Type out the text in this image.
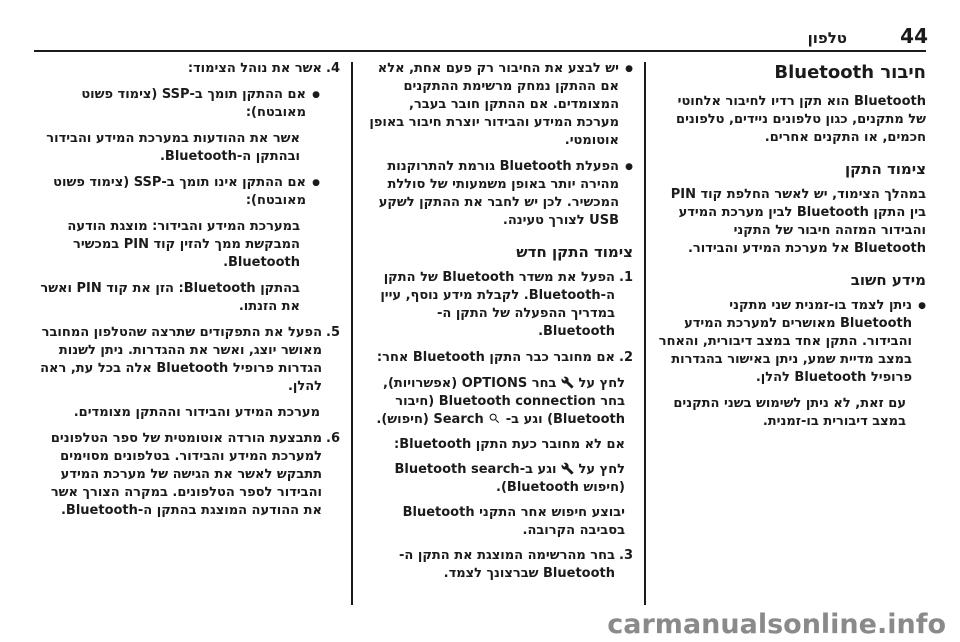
44
טלפון
חיבור Bluetooth
Bluetooth הוא תקן רדיו לחיבור אלחוטי של מתקנים, כגון טלפונים ניידים, טלפונים חכמים, או התקנים אחרים.
צימוד התקן
במהלך הצימוד, יש לאשר החלפת קוד PIN בין התקן Bluetooth לבין מערכת המידע והבידור המזהה חיבור של התקני Bluetooth אל מערכת המידע והבידור.
מידע חשוב
●
ניתן לצמד בו-זמנית שני מתקני Bluetooth מאושרים למערכת המידע והבידור. התקן אחד במצב דיבורית, והאחר במצב מדיית שמע, ניתן באישור בהגדרות פרופיל Bluetooth להלן.
עם זאת, לא ניתן לשימוש בשני התקנים במצב דיבורית בו-זמנית.
●
יש לבצע את החיבור רק פעם אחת, אלא אם ההתקן נמחק מרשימת ההתקנים המצומדים. אם ההתקן חובר בעבר, מערכת המידע והבידור יוצרת חיבור באופן אוטומטי.
●
הפעלת Bluetooth גורמת להתרוקנות מהירה יותר באופן משמעותי של סוללת המכשיר. לכן יש לחבר את ההתקן לשקע USB לצורך טעינה.
צימוד התקן חדש
1.
הפעל את משדר Bluetooth של התקן ה-Bluetooth. לקבלת מידע נוסף, עיין במדריך ההפעלה של התקן ה-Bluetooth.
2.
אם מחובר כבר התקן Bluetooth אחר:
לחץ על
בחר OPTIONS (אפשרויות), בחר Bluetooth connection (חיבור Bluetooth) וגע ב-
Search (חיפוש).
אם לא מחובר כעת התקן Bluetooth:
לחץ על
וגע ב-Bluetooth search (חיפוש Bluetooth).
יבוצע חיפוש אחר התקני Bluetooth בסביבה הקרובה.
3.
בחר מהרשימה המוצגת את התקן ה-Bluetooth שברצונך לצמד.
4.
אשר את נוהל הצימוד:
●
אם ההתקן תומך ב-SSP (צימוד פשוט מאובטח):
אשר את ההודעות במערכת המידע והבידור ובהתקן ה-Bluetooth.
●
אם ההתקן אינו תומך ב-SSP (צימוד פשוט מאובטח):
במערכת המידע והבידור: מוצגת הודעה המבקשת ממך להזין קוד PIN במכשיר Bluetooth.
בהתקן Bluetooth: הזן את קוד PIN ואשר את הזנתו.
5.
הפעל את התפקודים שתרצה שהטלפון המחובר מאושר יוצג, ואשר את ההגדרות. ניתן לשנות הגדרות פרופיל Bluetooth אלה בכל עת, ראה להלן.
מערכת המידע והבידור וההתקן מצומדים.
6.
מתבצעת הורדה אוטומטית של ספר הטלפונים למערכת המידע והבידור. בטלפונים מסוימים תתבקש לאשר את הגישה של מערכת המידע והבידור לספר הטלפונים. במקרה הצורך אשר את ההודעה המוצגת בהתקן ה-Bluetooth.
carmanualsonline.info
